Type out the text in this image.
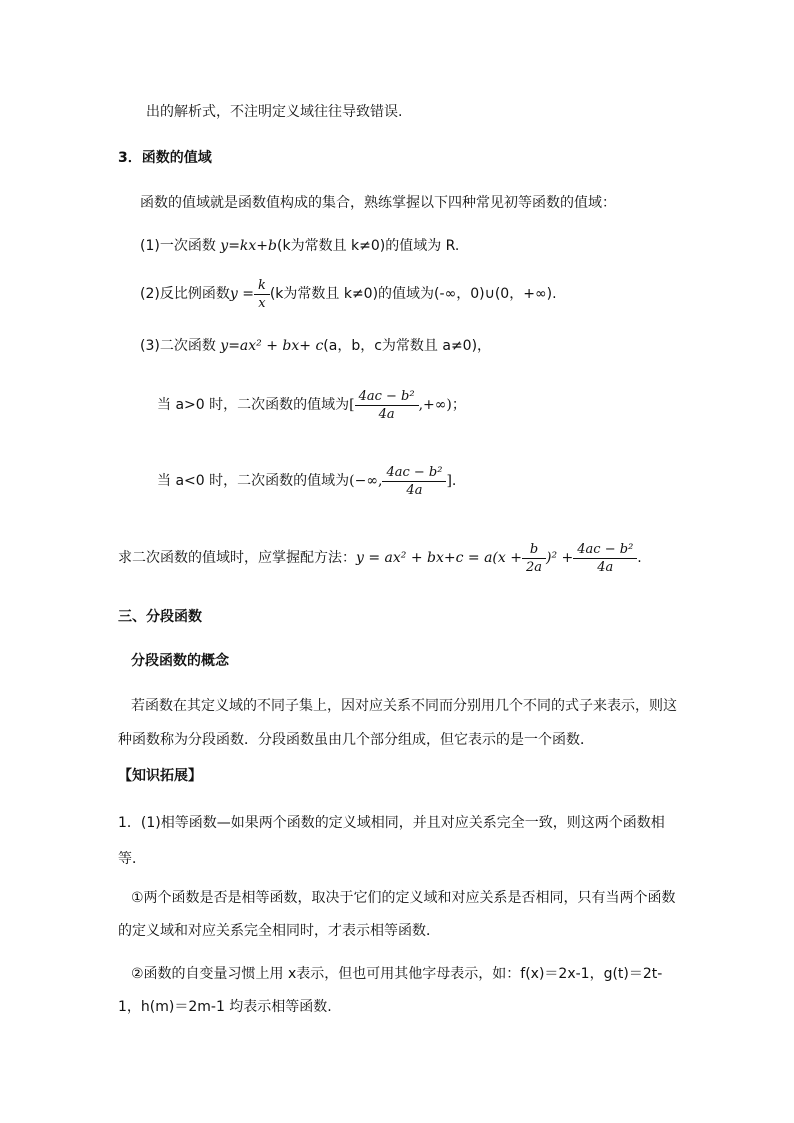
出的解析式，不注明定义域往往导致错误.
3．函数的值域
函数的值域就是函数值构成的集合，熟练掌握以下四种常见初等函数的值域：
(1)一次函数 y=kx+b(k为常数且 k≠0)的值域为 R.
(2)反比例函数 $y = \frac{k}{x} (k$为常数且 k≠0)的值域为(-∞，0)∪(0，+∞).
(3)二次函数 y=ax² + bx+ c(a，b，c为常数且 a≠0)，
当 a>0 时，二次函数的值域为 [ $\frac{\text{4ac − b²}}{4a}$ ,+∞)；
当 a<0 时，二次函数的值域为 (−∞, $\frac{\text{4ac − b²}}{4a}$ ].
求二次函数的值域时，应掌握配方法： $y = ax^2 + bx+c = a(x + \frac{b}{2a} )^2 + \frac{\text{4ac − b²}}{4a}$ .
三、分段函数
分段函数的概念
若函数在其定义域的不同子集上，因对应关系不同而分别用几个不同的式子来表示，则这
种函数称为分段函数．分段函数虽由几个部分组成，但它表示的是一个函数．
【知识拓展】
1．(1)相等函数—如果两个函数的定义域相同，并且对应关系完全一致，则这两个函数相
等．
①两个函数是否是相等函数，取决于它们的定义域和对应关系是否相同，只有当两个函数
的定义域和对应关系完全相同时，才表示相等函数．
②函数的自变量习惯上用 x表示，但也可用其他字母表示，如：f(x)＝2x-1，g(t)＝2t-
1，h(m)＝2m-1 均表示相等函数.
